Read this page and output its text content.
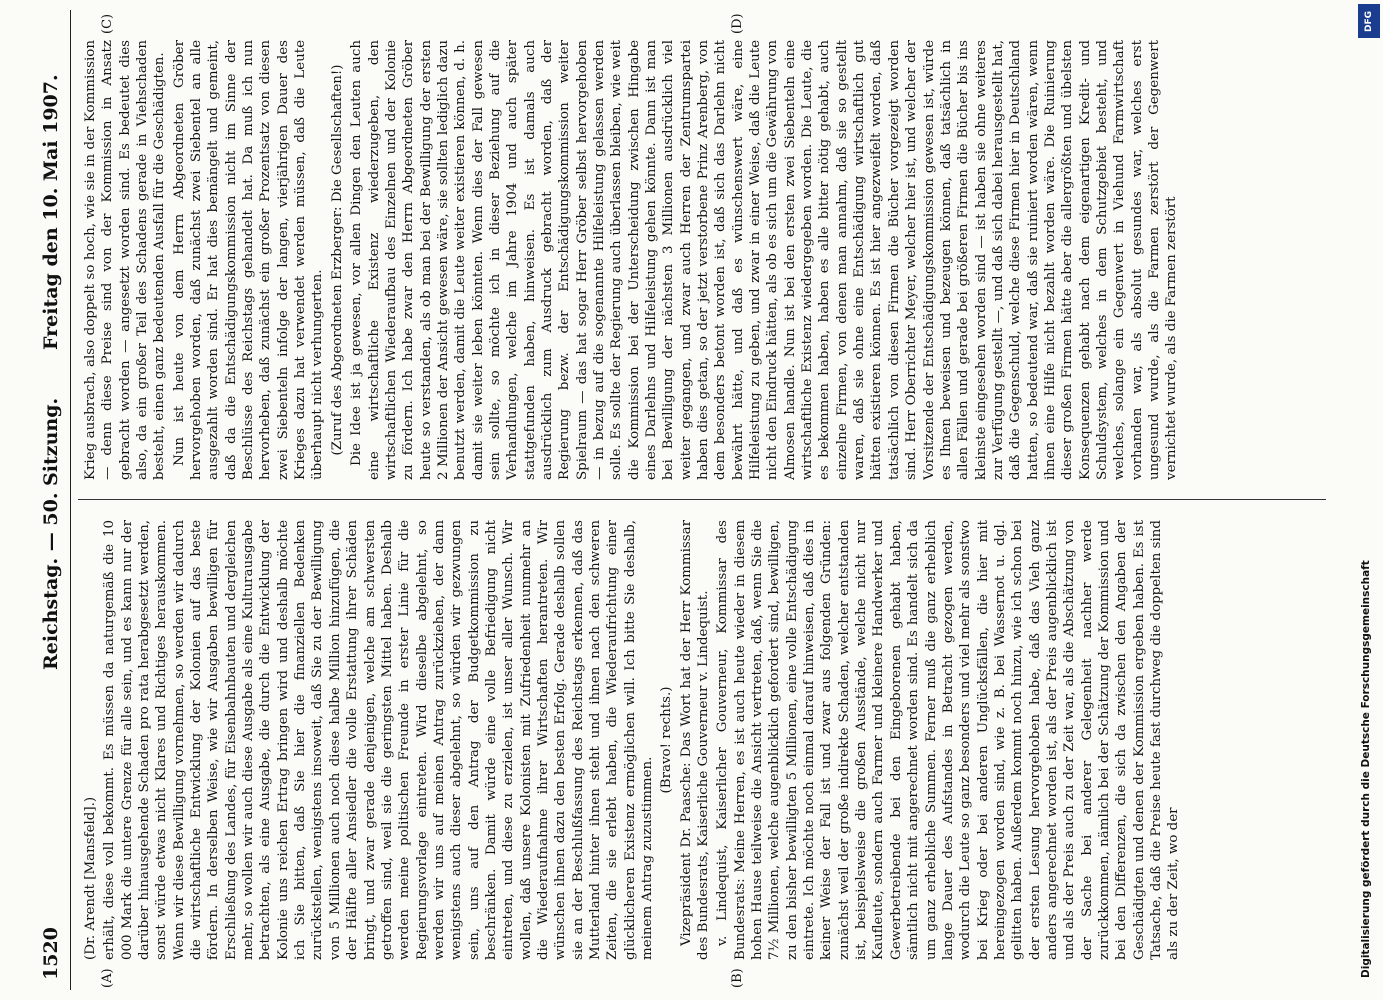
1520
Reichstag. — 50. Sitzung.
Freitag den 10. Mai 1907.
(A)	(B)
(C)	(D)

(Dr. Arendt [Mansfeld].) erhält, diese voll bekommt. Es müssen da naturgemäß die 10 000 Mark die untere Grenze für alle sein, und es kann nur der darüber hinausgehende Schaden pro rata herabgesetzt werden, sonst würde etwas nicht Klares und Richtiges herauskommen. Wenn wir diese Bewilligung vornehmen, so werden wir dadurch die wirtschaftliche Entwicklung der Kolonien auf das beste fördern. In derselben Weise, wie wir Ausgaben bewilligen für Erschließung des Landes, für Eisenbahnbauten und dergleichen mehr, so wollen wir auch diese Ausgabe als eine Kulturausgabe betrachten, als eine Ausgabe, die durch die Entwicklung der Kolonie uns reichen Ertrag bringen wird und deshalb möchte ich Sie bitten, daß Sie hier die finanziellen Bedenken zurückstellen, wenigstens insoweit, daß Sie zu der Bewilligung von 5 Millionen auch noch diese halbe Million hinzufügen, die der Hälfte aller Ansiedler die volle Erstattung ihrer Schäden bringt, und zwar gerade denjenigen, welche am schwersten getroffen sind, weil sie die geringsten Mittel haben. Deshalb werden meine politischen Freunde in erster Linie für die Regierungsvorlage eintreten. Wird dieselbe abgelehnt, so werden wir uns auf meinen Antrag zurückziehen, der dann wenigstens auch dieser abgelehnt, so würden wir gezwungen sein, uns auf den Antrag der Budgetkommission zu beschränken. Damit würde eine volle Befriedigung nicht eintreten, und diese zu erzielen, ist unser aller Wunsch. Wir wollen, daß unsere Kolonisten mit Zufriedenheit nunmehr an die Wiederaufnahme ihrer Wirtschaften herantreten. Wir wünschen ihnen dazu den besten Erfolg. Gerade deshalb sollen sie an der Beschlußfassung des Reichstags erkennen, daß das Mutterland hinter ihnen steht und ihnen nach den schweren Zeiten, die sie erlebt haben, die Wiederaufrichtung einer glücklicheren Existenz ermöglichen will. Ich bitte Sie deshalb, meinem Antrag zuzustimmen.

(Bravo! rechts.) Vizepräsident Dr. Paasche: Das Wort hat der Herr Kommissar des Bundesrats, Kaiserliche Gouverneur v. Lindequist. v. Lindequist, Kaiserlicher Gouverneur, Kommissar des Bundesrats: Meine Herren, es ist auch heute wieder in diesem hohen Hause teilweise die Ansicht vertreten, daß, wenn Sie die 7½ Millionen, welche augenblicklich gefordert sind, bewilligen, zu den bisher bewilligten 5 Millionen, eine volle Entschädigung eintrete. Ich möchte noch einmal darauf hinweisen, daß dies in keiner Weise der Fall ist und zwar aus folgenden Gründen: zunächst weil der große indirekte Schaden, welcher entstanden ist, beispielsweise die großen Ausstände, welche nicht nur Kaufleute, sondern auch Farmer und kleinere Handwerker und Gewerbetreibende bei den Eingeborenen gehabt haben, sämtlich nicht mit angerechnet worden sind. Es handelt sich da um ganz erhebliche Summen. Ferner muß die ganz erheblich lange Dauer des Aufstandes in Betracht gezogen werden, wodurch die Leute so ganz besonders und viel mehr als sonstwo bei Krieg oder bei anderen Unglücksfällen, die hier mit hereingezogen worden sind, wie z. B. bei Wassernot u. dgl. gelitten haben. Außerdem kommt noch hinzu, wie ich schon bei der ersten Lesung hervorgehoben habe, daß das Vieh ganz anders angerechnet worden ist, als der Preis augenblicklich ist und als der Preis auch zu der Zeit war, als die Abschätzung von der Sache bei anderer Gelegenheit nachher werde zurückkommen, nämlich bei der Schätzung der Kommission und bei den Differenzen, die sich da zwischen den Angaben der Geschädigten und denen der Kommission ergeben haben. Es ist Tatsache, daß die Preise heute fast durchweg die doppelten sind als zu der Zeit, wo der

Krieg ausbrach, also doppelt so hoch, wie sie in der Kommission — denn diese Preise sind von der Kommission in Ansatz gebracht worden — angesetzt worden sind. Es bedeutet dies also, da ein großer Teil des Schadens gerade in Viehschaden besteht, einen ganz bedeutenden Ausfall für die Geschädigten. Nun ist heute von dem Herrn Abgeordneten Gröber hervorgehoben worden, daß zunächst zwei Siebentel an alle ausgezahlt worden sind. Er hat dies bemängelt und gemeint, daß da die Entschädigungskommission nicht im Sinne der Beschlüsse des Reichstags gehandelt hat. Da muß ich nun hervorheben, daß zunächst ein großer Prozentsatz von diesen zwei Siebenteln infolge der langen, vierjährigen Dauer des Krieges dazu hat verwendet werden müssen, daß die Leute überhaupt nicht verhungerten. (Zuruf des Abgeordneten Erzberger: Die Gesellschaften!) Die Idee ist ja gewesen, vor allen Dingen den Leuten auch eine wirtschaftliche Existenz wiederzugeben, den wirtschaftlichen Wiederaufbau des Einzelnen und der Kolonie zu fördern. Ich habe zwar den Herrn Abgeordneten Gröber heute so verstanden, als ob man bei der Bewilligung der ersten 2 Millionen der Ansicht gewesen wäre, sie sollten lediglich dazu benutzt werden, damit die Leute weiter existieren können, d. h. damit sie weiter leben könnten. Wenn dies der Fall gewesen sein sollte, so möchte ich in dieser Beziehung auf die Verhandlungen, welche im Jahre 1904 und auch später stattgefunden haben, hinweisen. Es ist damals auch ausdrücklich zum Ausdruck gebracht worden, daß der Regierung bezw. der Entschädigungskommission weiter Spielraum — das hat sogar Herr Gröber selbst hervorgehoben — in bezug auf die sogenannte Hilfeleistung gelassen werden solle. Es sollte der Regierung auch überlassen bleiben, wie weit die Kommission bei der Unterscheidung zwischen Hingabe eines Darlehns und Hilfeleistung gehen könnte. Dann ist man bei Bewilligung der nächsten 3 Millionen ausdrücklich viel weiter gegangen, und zwar auch Herren der Zentrumspartei haben dies getan, so der jetzt verstorbene Prinz Arenberg, von dem besonders betont worden ist, daß sich das Darlehn nicht bewährt hätte, und daß es wünschenswert wäre, eine Hilfeleistung zu geben, und zwar in einer Weise, daß die Leute nicht den Eindruck hätten, als ob es sich um die Gewährung von Almosen handle. Nun ist bei den ersten zwei Siebenteln eine wirtschaftliche Existenz wiedergegeben worden. Die Leute, die es bekommen haben, haben es alle bitter nötig gehabt, auch einzelne Firmen, von denen man annahm, daß sie so gestellt waren, daß sie ohne eine Entschädigung wirtschaftlich gut hätten existieren können. Es ist hier angezweifelt worden, daß tatsächlich von diesen Firmen die Bücher vorgezeigt worden sind. Herr Oberrichter Meyer, welcher hier ist, und welcher der Vorsitzende der Entschädigungskommission gewesen ist, würde es Ihnen beweisen und bezeugen können, daß tatsächlich in allen Fällen und gerade bei größeren Firmen die Bücher bis ins kleinste eingesehen worden sind — ist haben sie ohne weiteres zur Verfügung gestellt —, und daß sich dabei herausgestellt hat, daß die Gegenschuld, welche diese Firmen hier in Deutschland hatten, so bedeutend war, daß sie ruiniert worden wären, wenn ihnen eine Hilfe nicht bezahlt worden wäre. Die Ruinierung dieser großen Firmen hätte aber die allergrößten und übelsten Konsequenzen gehabt nach dem eigenartigen Kredit- und Schuldsystem, welches in dem Schutzgebiet besteht, und welches, solange ein Gegenwert in Viehund Farmwirtschaft vorhanden war, als absolut gesundes war, welches erst ungesund wurde, als die Farmen zerstört der Gegenwert vernichtet wurde, als die Farmen zerstört

Digitalisierung gefördert durch die Deutsche Forschungsgemeinschaft
DFG
